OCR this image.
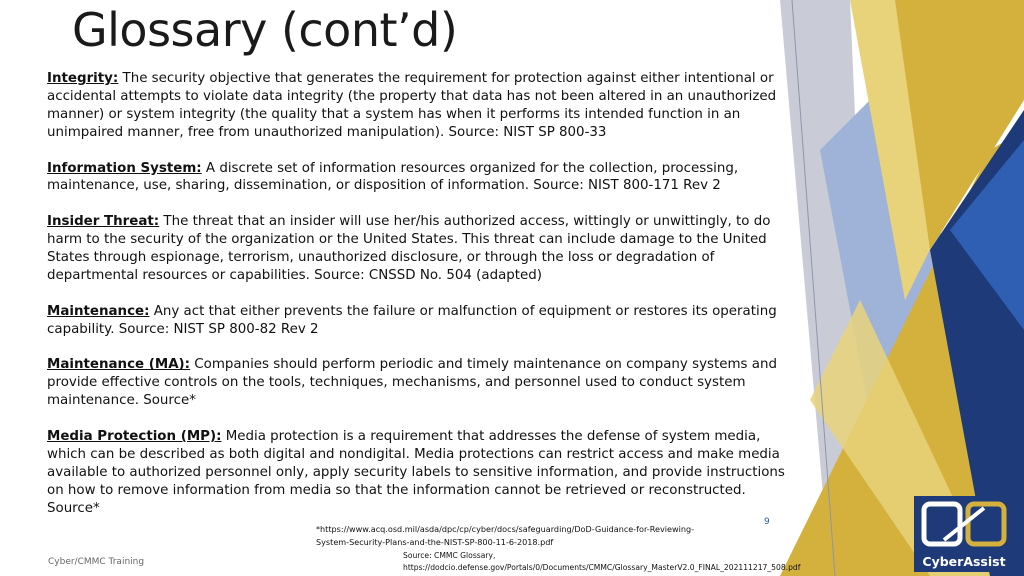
Glossary (cont’d)
Integrity: The security objective that generates the requirement for protection against either intentional or accidental attempts to violate data integrity (the property that data has not been altered in an unauthorized manner) or system integrity (the quality that a system has when it performs its intended function in an unimpaired manner, free from unauthorized manipulation). Source: NIST SP 800-33
Information System: A discrete set of information resources organized for the collection, processing, maintenance, use, sharing, dissemination, or disposition of information. Source: NIST 800-171 Rev 2
Insider Threat: The threat that an insider will use her/his authorized access, wittingly or unwittingly, to do harm to the security of the organization or the United States. This threat can include damage to the United States through espionage, terrorism, unauthorized disclosure, or through the loss or degradation of departmental resources or capabilities. Source: CNSSD No. 504 (adapted)
Maintenance: Any act that either prevents the failure or malfunction of equipment or restores its operating capability. Source: NIST SP 800-82 Rev 2
Maintenance (MA): Companies should perform periodic and timely maintenance on company systems and provide effective controls on the tools, techniques, mechanisms, and personnel used to conduct system maintenance. Source*
Media Protection (MP): Media protection is a requirement that addresses the defense of system media, which can be described as both digital and nondigital. Media protections can restrict access and make media available to authorized personnel only, apply security labels to sensitive information, and provide instructions on how to remove information from media so that the information cannot be retrieved or reconstructed. Source*
*https://www.acq.osd.mil/asda/dpc/cp/cyber/docs/safeguarding/DoD-Guidance-for-Reviewing-
System-Security-Plans-and-the-NIST-SP-800-11-6-2018.pdf
9
Cyber/CMMC Training
Source: CMMC Glossary,
https://dodcio.defense.gov/Portals/0/Documents/CMMC/Glossary_MasterV2.0_FINAL_202111217_508.pdf	CyberAssist
